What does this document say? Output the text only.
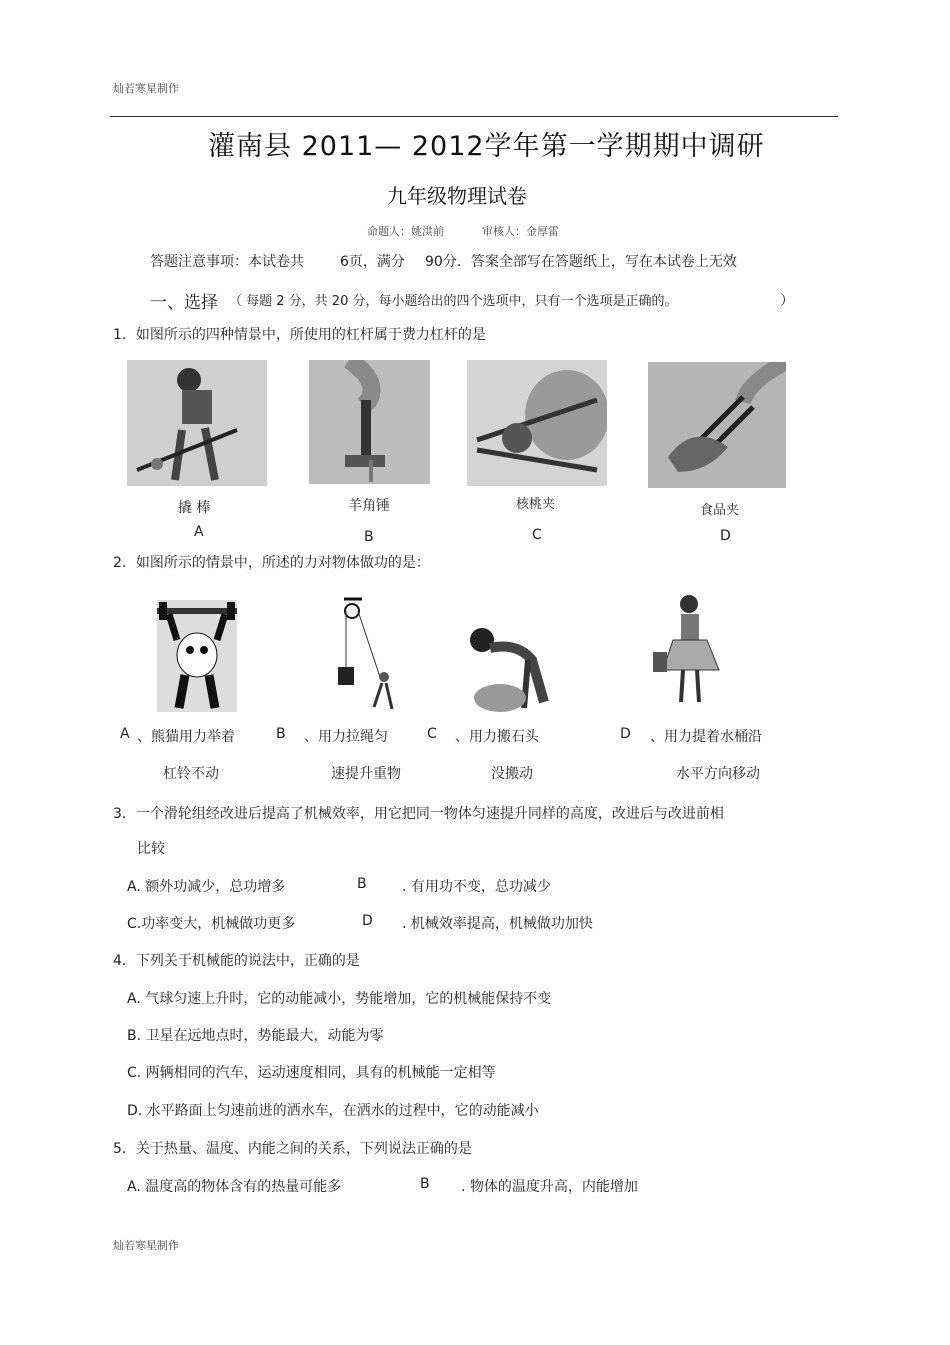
灿若寒星制作
灌南县 2011— 2012学年第一学期期中调研
九年级物理试卷
命题人：姚洪前	审核人：金厚雷
答题注意事项：本试卷共	6页，满分 90分．答案全部写在答题纸上，写在本试卷上无效
一、选择 （ 每题 2 分，共 20 分，每小题给出的四个选项中，只有一个选项是正确的。	）
1．如图所示的四种情景中，所使用的杠杆属于费力杠杆的是
撬 棒
A
羊角锤
B
核桃夹
C
食品夹
D
2．如图所示的情景中，所述的力对物体做功的是：
A 、熊猫用力举着
杠铃不动
B 、用力拉绳匀
速提升重物
C 、用力搬石头
没搬动
D 、用力提着水桶沿
水平方向移动
3．一个滑轮组经改进后提高了机械效率，用它把同一物体匀速提升同样的高度，改进后与改进前相
比较
A. 额外功减少，总功增多	B	. 有用功不变，总功减少
C.功率变大，机械做功更多	D . 机械效率提高，机械做功加快
4．下列关于机械能的说法中，正确的是
A. 气球匀速上升时，它的动能减小，势能增加，它的机械能保持不变
B. 卫星在远地点时，势能最大，动能为零
C. 两辆相同的汽车，运动速度相同，具有的机械能一定相等
D. 水平路面上匀速前进的洒水车，在洒水的过程中，它的动能减小
5．关于热量、温度、内能之间的关系，下列说法正确的是
A. 温度高的物体含有的热量可能多	B . 物体的温度升高，内能增加
灿若寒星制作
